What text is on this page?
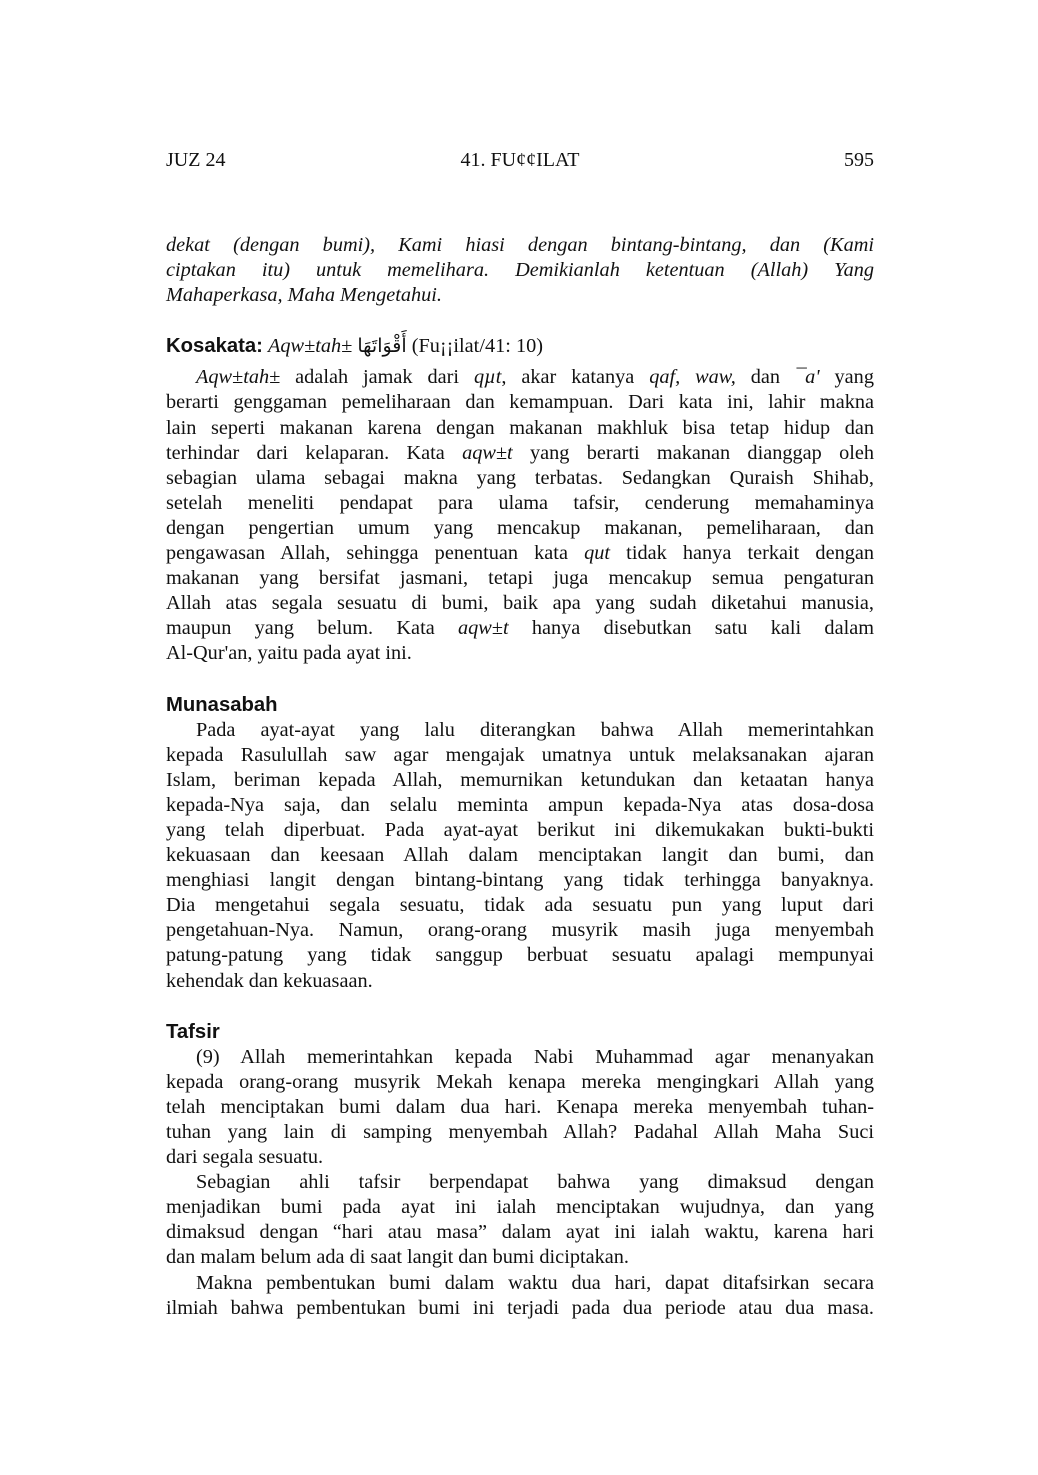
JUZ 24	41. FU¢¢ILAT	595

dekat (dengan bumi), Kami hiasi dengan bintang-bintang, dan (Kami

ciptakan itu) untuk memelihara. Demikianlah ketentuan (Allah) Yang

Mahaperkasa, Maha Mengetahui.

Kosakata: Aqw±tah± أَقْوَاتَهَا (Fu¡¡ilat/41: 10)

Aqw±tah± adalah jamak dari qµt, akar katanya qaf, waw, dan ¯a' yang

berarti genggaman pemeliharaan dan kemampuan. Dari kata ini, lahir makna

lain seperti makanan karena dengan makanan makhluk bisa tetap hidup dan

terhindar dari kelaparan. Kata aqw±t yang berarti makanan dianggap oleh

sebagian ulama sebagai makna yang terbatas. Sedangkan Quraish Shihab,

setelah meneliti pendapat para ulama tafsir, cenderung memahaminya

dengan pengertian umum yang mencakup makanan, pemeliharaan, dan

pengawasan Allah, sehingga penentuan kata qut tidak hanya terkait dengan

makanan yang bersifat jasmani, tetapi juga mencakup semua pengaturan

Allah atas segala sesuatu di bumi, baik apa yang sudah diketahui manusia,

maupun yang belum. Kata aqw±t hanya disebutkan satu kali dalam

Al-Qur'an, yaitu pada ayat ini.

Munasabah

Pada ayat-ayat yang lalu diterangkan bahwa Allah memerintahkan

kepada Rasulullah saw agar mengajak umatnya untuk melaksanakan ajaran

Islam, beriman kepada Allah, memurnikan ketundukan dan ketaatan hanya

kepada-Nya saja, dan selalu meminta ampun kepada-Nya atas dosa-dosa

yang telah diperbuat. Pada ayat-ayat berikut ini dikemukakan bukti-bukti

kekuasaan dan keesaan Allah dalam menciptakan langit dan bumi, dan

menghiasi langit dengan bintang-bintang yang tidak terhingga banyaknya.

Dia mengetahui segala sesuatu, tidak ada sesuatu pun yang luput dari

pengetahuan-Nya. Namun, orang-orang musyrik masih juga menyembah

patung-patung yang tidak sanggup berbuat sesuatu apalagi mempunyai

kehendak dan kekuasaan.

Tafsir

(9) Allah memerintahkan kepada Nabi Muhammad agar menanyakan

kepada orang-orang musyrik Mekah kenapa mereka mengingkari Allah yang

telah menciptakan bumi dalam dua hari. Kenapa mereka menyembah tuhan-

tuhan yang lain di samping menyembah Allah? Padahal Allah Maha Suci

dari segala sesuatu.

Sebagian ahli tafsir berpendapat bahwa yang dimaksud dengan

menjadikan bumi pada ayat ini ialah menciptakan wujudnya, dan yang

dimaksud dengan “hari atau masa” dalam ayat ini ialah waktu, karena hari

dan malam belum ada di saat langit dan bumi diciptakan.

Makna pembentukan bumi dalam waktu dua hari, dapat ditafsirkan secara

ilmiah bahwa pembentukan bumi ini terjadi pada dua periode atau dua masa.
